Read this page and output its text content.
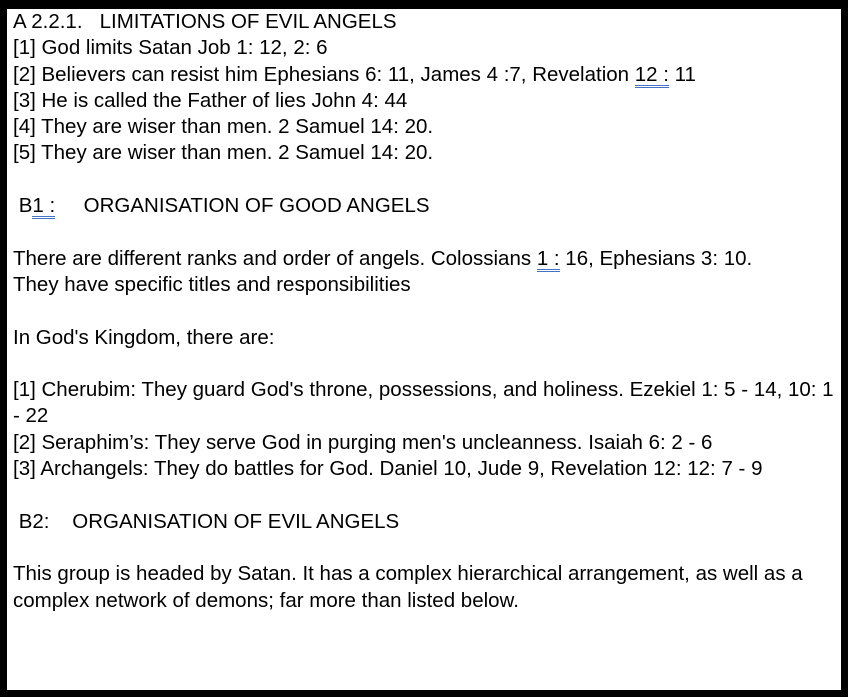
A 2.2.1.   LIMITATIONS OF EVIL ANGELS
[1] God limits Satan Job 1: 12, 2: 6
[2] Believers can resist him Ephesians 6: 11, James 4 :7, Revelation 12 : 11
[3] He is called the Father of lies John 4: 44
[4] They are wiser than men. 2 Samuel 14: 20.
[5] They are wiser than men. 2 Samuel 14: 20.
B1 :     ORGANISATION OF GOOD ANGELS
There are different ranks and order of angels. Colossians 1 : 16, Ephesians 3: 10.
They have specific titles and responsibilities
In God's Kingdom, there are:
[1] Cherubim: They guard God's throne, possessions, and holiness. Ezekiel 1: 5 - 14, 10: 1 - 22
[2] Seraphim’s: They serve God in purging men's uncleanness. Isaiah 6: 2 - 6
[3] Archangels: They do battles for God. Daniel 10, Jude 9, Revelation 12: 12: 7 - 9
B2:    ORGANISATION OF EVIL ANGELS
This group is headed by Satan. It has a complex hierarchical arrangement, as well as a complex network of demons; far more than listed below.
